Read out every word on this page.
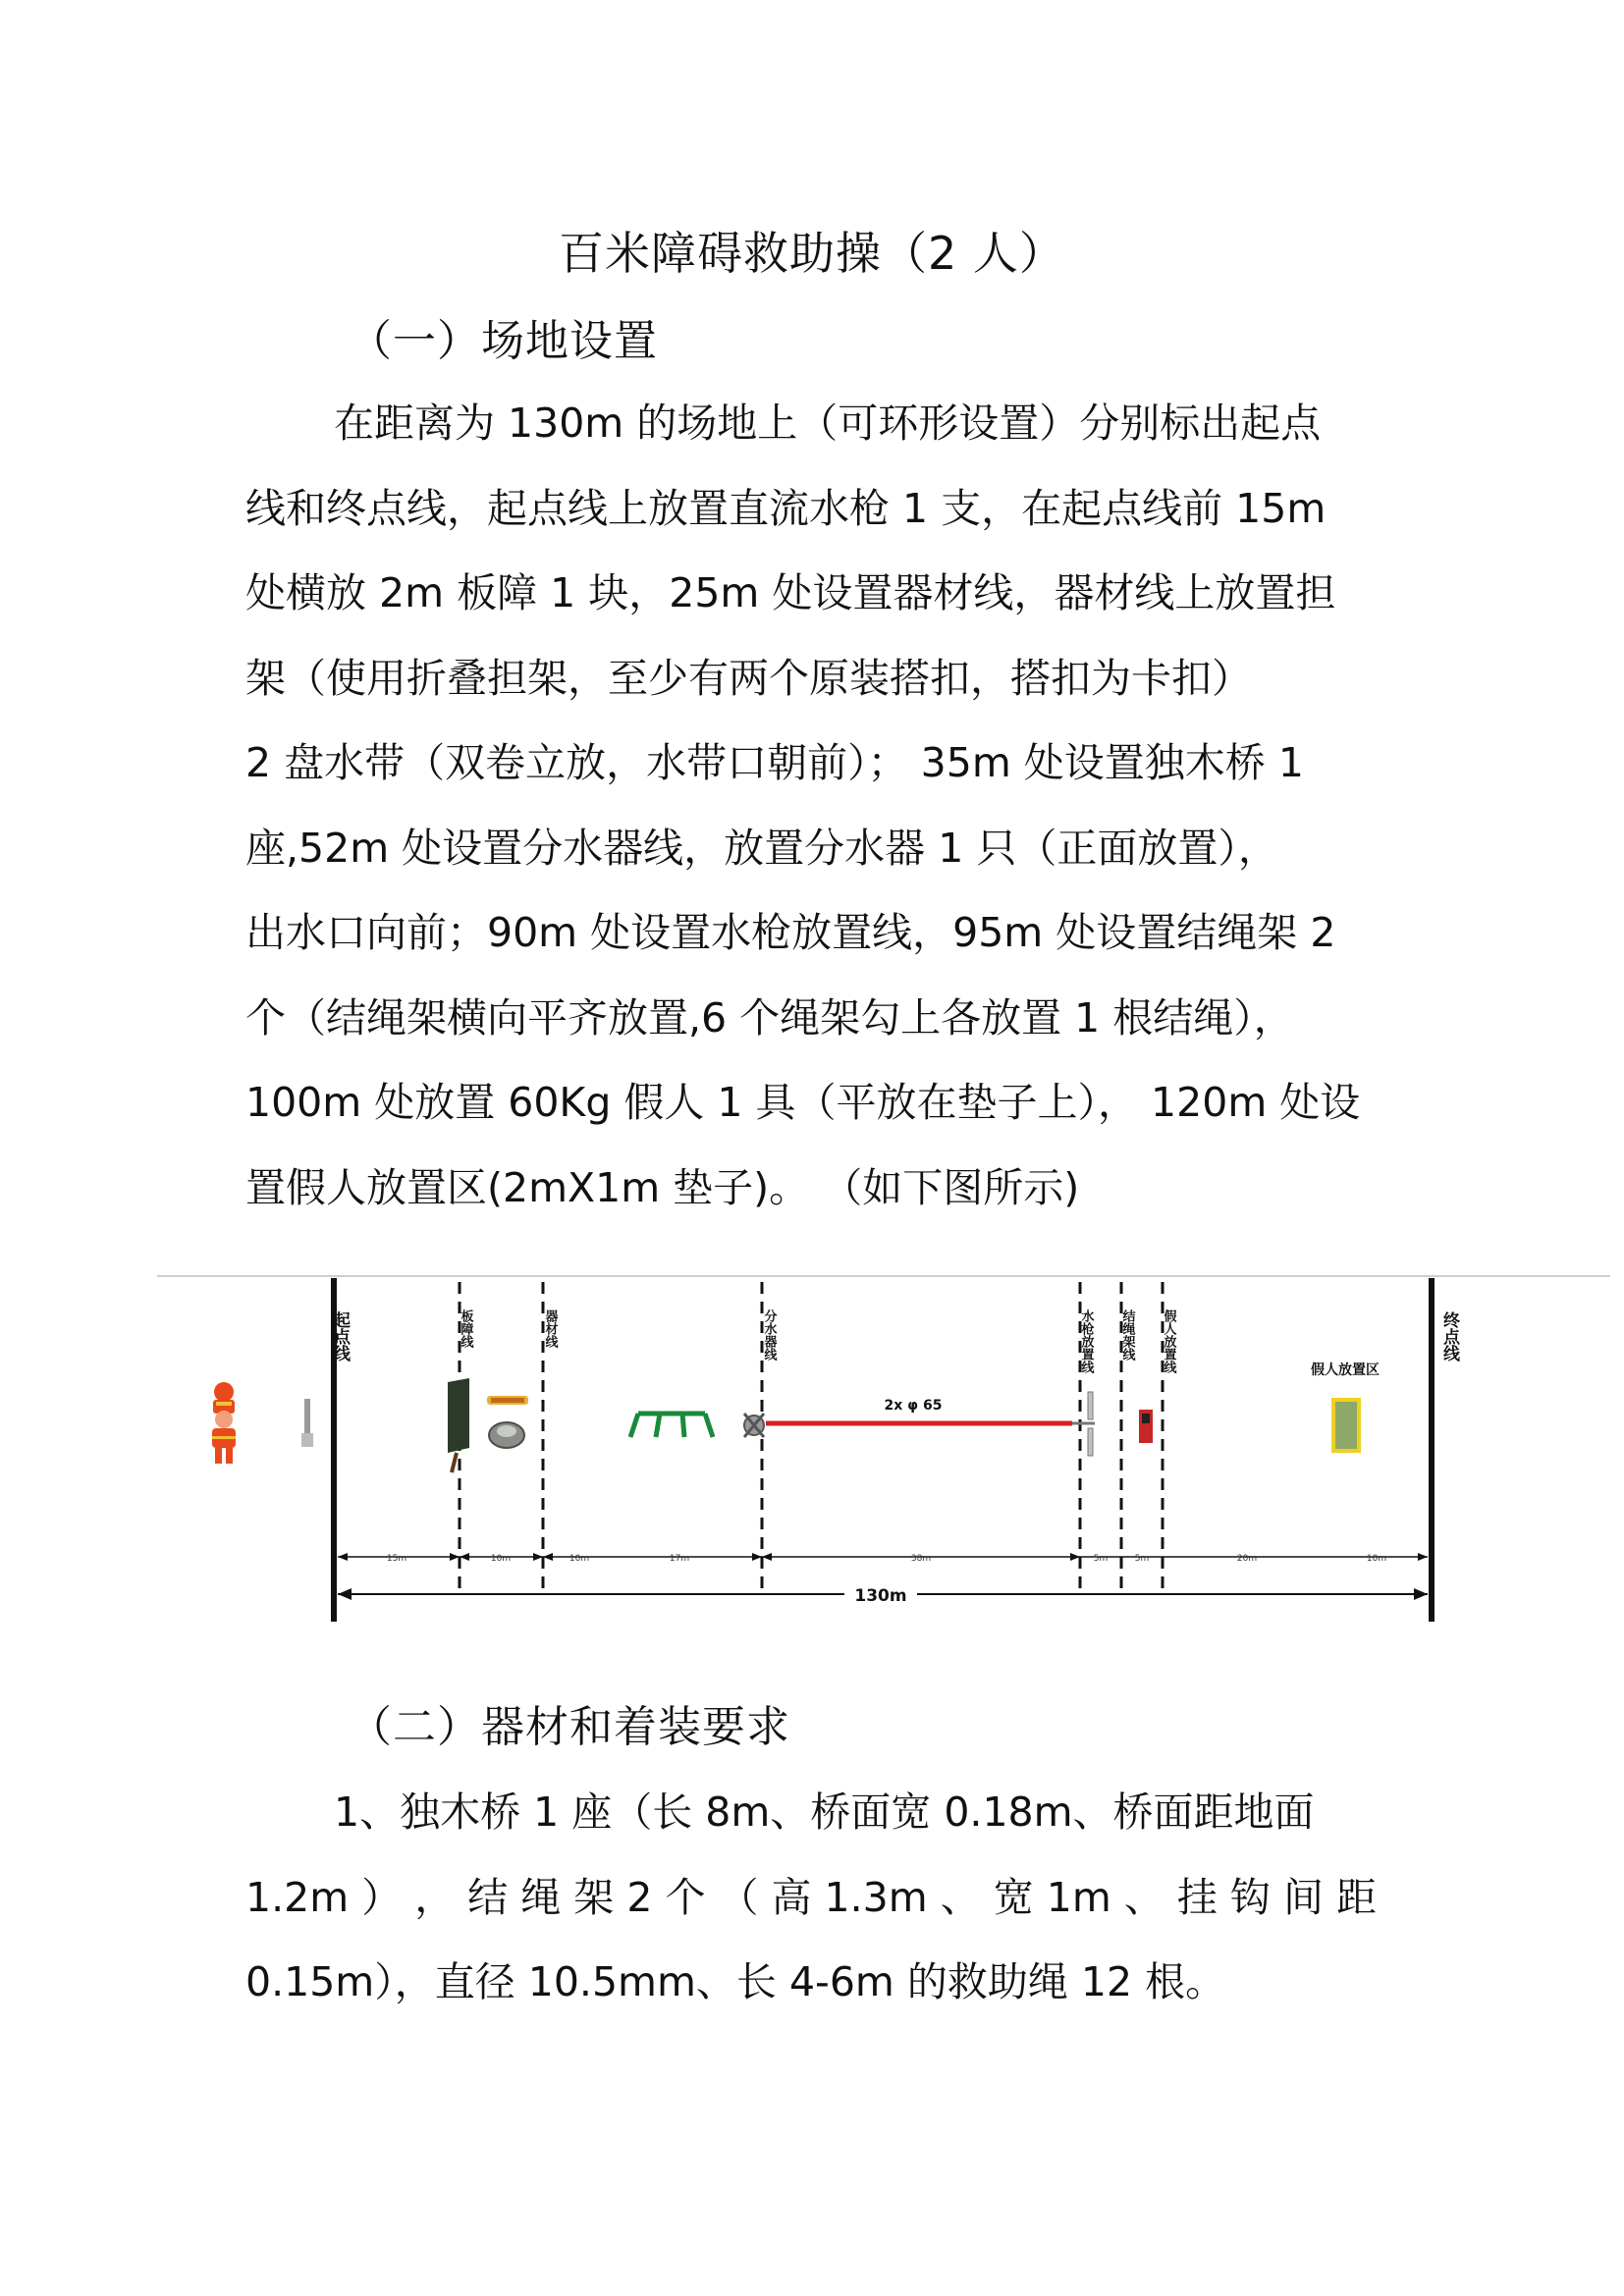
百米障碍救助操（2 人）
（一）场地设置
在距离为 130m 的场地上（可环形设置）分别标出起点
线和终点线，起点线上放置直流水枪 1 支，在起点线前 15m
处横放 2m 板障 1 块，25m 处设置器材线，器材线上放置担
架（使用折叠担架，至少有两个原装搭扣，搭扣为卡扣）
2 盘水带（双卷立放，水带口朝前）； 35m 处设置独木桥 1
座,52m 处设置分水器线，放置分水器 1 只（正面放置），
出水口向前；90m 处设置水枪放置线，95m 处设置结绳架 2
个（结绳架横向平齐放置,6 个绳架勾上各放置 1 根结绳），
100m 处放置 60Kg 假人 1 具（平放在垫子上）， 120m 处设
置假人放置区(2mX1m 垫子)。 （如下图所示)
起点线	板障线	器材线	分水器线	水枪放置线 结绳架线 假人放置线	终点线
2x φ 65
假人放置区
15m	10m	10m	17m	38m	5m	5m	20m	10m
130m
（二）器材和着装要求
1、独木桥 1 座（长 8m、桥面宽 0.18m、桥面距地面
1.2m ） ， 结 绳 架 2 个 （ 高 1.3m 、 宽 1m 、 挂 钩 间 距
0.15m），直径 10.5mm、长 4-6m 的救助绳 12 根。
